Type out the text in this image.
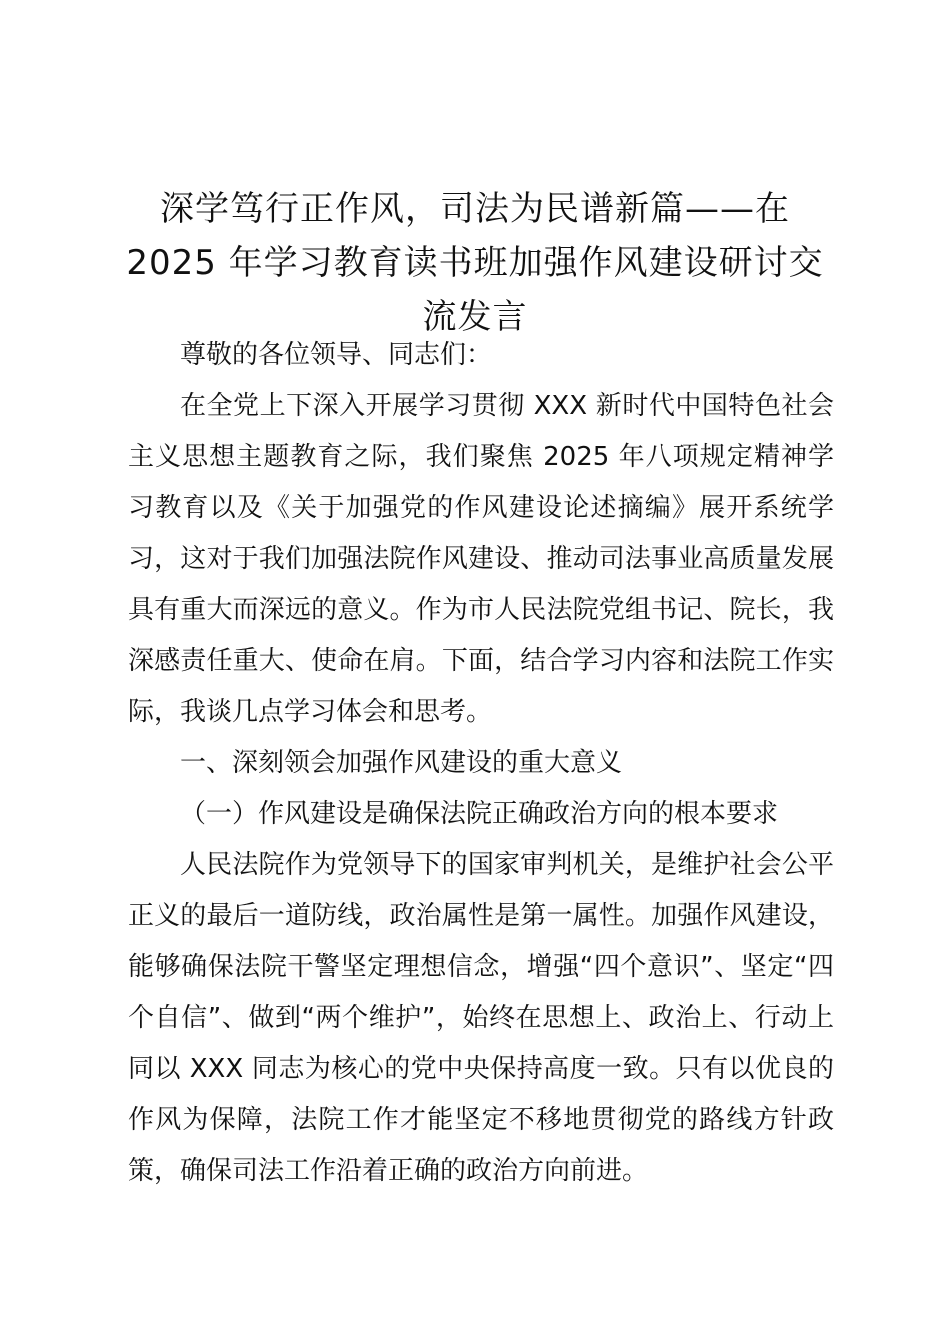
深学笃行正作风，司法为民谱新篇——在
2025 年学习教育读书班加强作风建设研讨交
流发言

尊敬的各位领导、同志们：

在全党上下深入开展学习贯彻 XXX 新时代中国特色社会主义思想主题教育之际，我们聚焦 2025 年八项规定精神学习教育以及《关于加强党的作风建设论述摘编》展开系统学习，这对于我们加强法院作风建设、推动司法事业高质量发展具有重大而深远的意义。作为市人民法院党组书记、院长，我深感责任重大、使命在肩。下面，结合学习内容和法院工作实际，我谈几点学习体会和思考。

一、深刻领会加强作风建设的重大意义

（一）作风建设是确保法院正确政治方向的根本要求

人民法院作为党领导下的国家审判机关，是维护社会公平正义的最后一道防线，政治属性是第一属性。加强作风建设，能够确保法院干警坚定理想信念，增强“四个意识”、坚定“四个自信”、做到“两个维护”，始终在思想上、政治上、行动上同以 XXX 同志为核心的党中央保持高度一致。只有以优良的作风为保障，法院工作才能坚定不移地贯彻党的路线方针政策，确保司法工作沿着正确的政治方向前进。
